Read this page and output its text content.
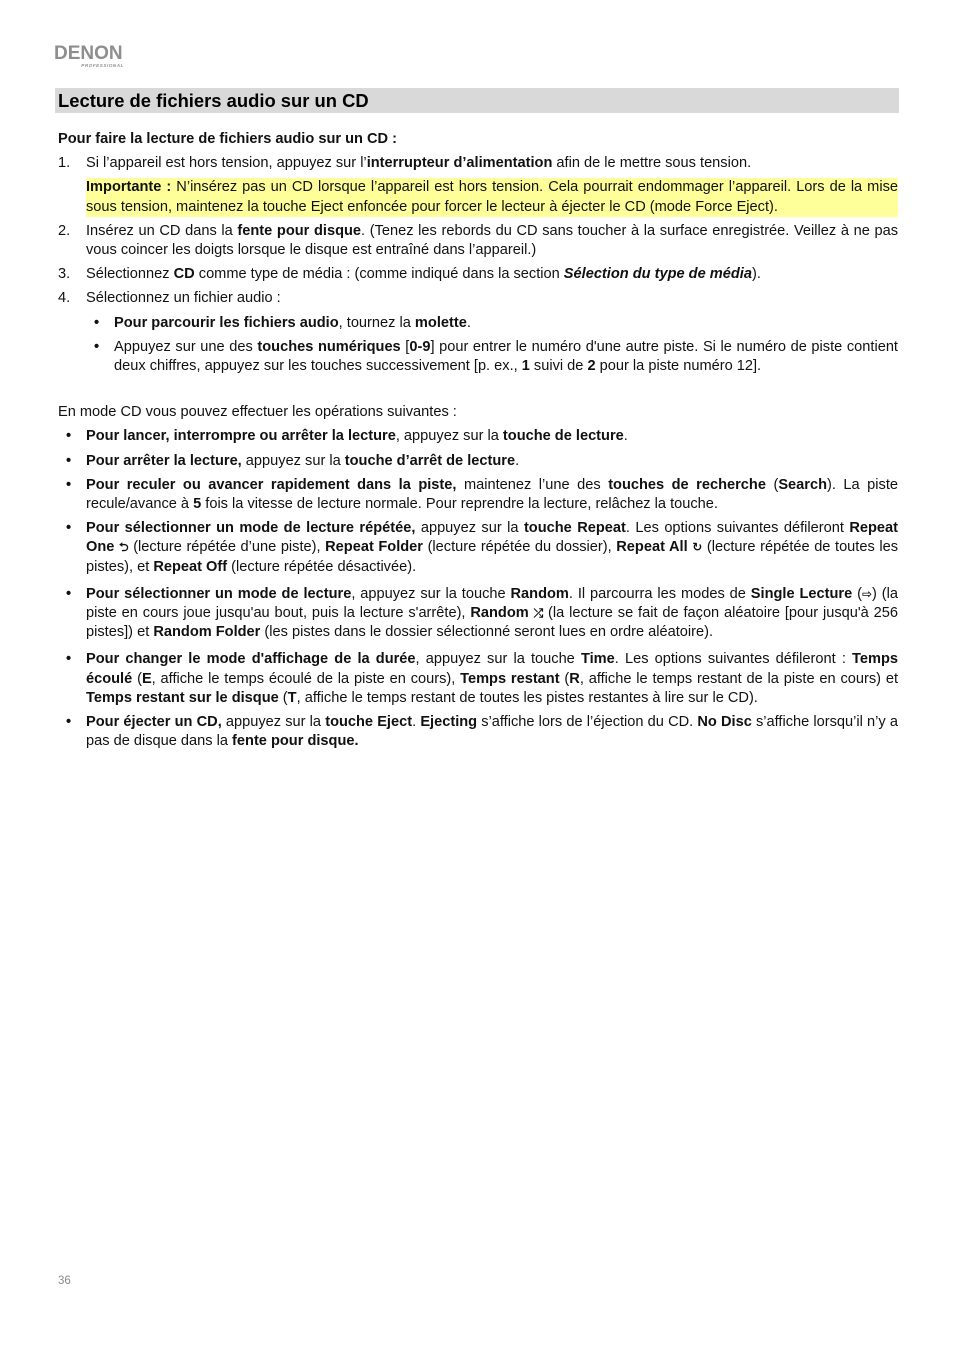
DENON
PROFESSIONAL
Lecture de fichiers audio sur un CD

Pour faire la lecture de fichiers audio sur un CD :

1. Si l’appareil est hors tension, appuyez sur l’interrupteur d’alimentation afin de le mettre sous tension.
Importante : N’insérez pas un CD lorsque l’appareil est hors tension. Cela pourrait endommager l’appareil. Lors de la mise sous tension, maintenez la touche Eject enfoncée pour forcer le lecteur à éjecter le CD (mode Force Eject).
2. Insérez un CD dans la fente pour disque. (Tenez les rebords du CD sans toucher à la surface enregistrée. Veillez à ne pas vous coincer les doigts lorsque le disque est entraîné dans l’appareil.)
3. Sélectionnez CD comme type de média : (comme indiqué dans la section Sélection du type de média).
4. Sélectionnez un fichier audio :
• Pour parcourir les fichiers audio, tournez la molette.
• Appuyez sur une des touches numériques [0-9] pour entrer le numéro d'une autre piste. Si le numéro de piste contient deux chiffres, appuyez sur les touches successivement [p. ex., 1 suivi de 2 pour la piste numéro 12].

En mode CD vous pouvez effectuer les opérations suivantes :

• Pour lancer, interrompre ou arrêter la lecture, appuyez sur la touche de lecture.
• Pour arrêter la lecture, appuyez sur la touche d’arrêt de lecture.
• Pour reculer ou avancer rapidement dans la piste, maintenez l’une des touches de recherche (Search). La piste recule/avance à 5 fois la vitesse de lecture normale. Pour reprendre la lecture, relâchez la touche.
• Pour sélectionner un mode de lecture répétée, appuyez sur la touche Repeat. Les options suivantes défileront Repeat One ⮌ (lecture répétée d’une piste), Repeat Folder (lecture répétée du dossier), Repeat All ↻ (lecture répétée de toutes les pistes), et Repeat Off (lecture répétée désactivée).
• Pour sélectionner un mode de lecture, appuyez sur la touche Random. Il parcourra les modes de Single Lecture (⇨) (la piste en cours joue jusqu'au bout, puis la lecture s'arrête), Random ⤮ (la lecture se fait de façon aléatoire [pour jusqu'à 256 pistes]) et Random Folder (les pistes dans le dossier sélectionné seront lues en ordre aléatoire).
• Pour changer le mode d'affichage de la durée, appuyez sur la touche Time. Les options suivantes défileront : Temps écoulé (E, affiche le temps écoulé de la piste en cours), Temps restant (R, affiche le temps restant de la piste en cours) et Temps restant sur le disque (T, affiche le temps restant de toutes les pistes restantes à lire sur le CD).
• Pour éjecter un CD, appuyez sur la touche Eject. Ejecting s’affiche lors de l’éjection du CD. No Disc s’affiche lorsqu’il n’y a pas de disque dans la fente pour disque.
36
